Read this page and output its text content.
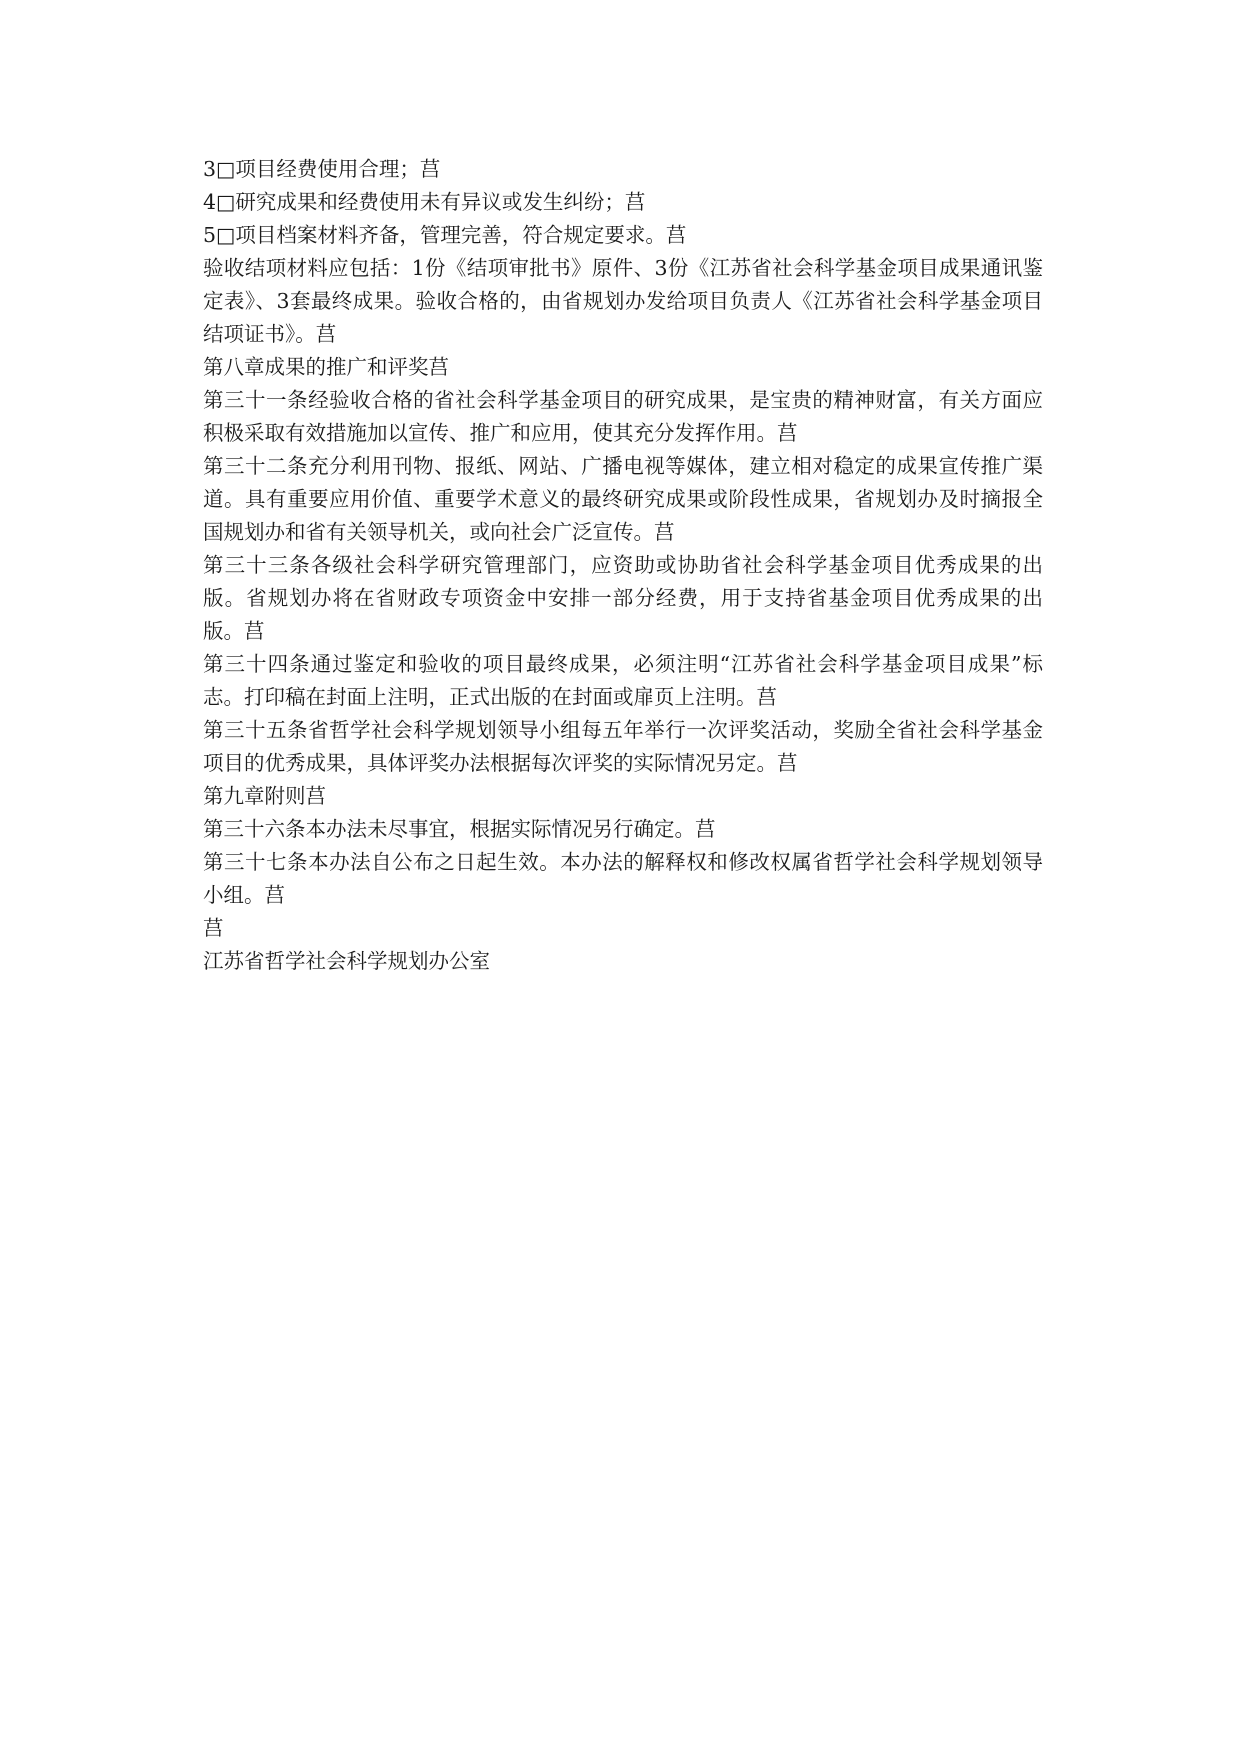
3□项目经费使用合理；莒

4□研究成果和经费使用未有异议或发生纠纷；莒

5□项目档案材料齐备，管理完善，符合规定要求。莒

验收结项材料应包括：1份《结项审批书》原件、3份《江苏省社会科学基金项目成果通讯鉴定表》、3套最终成果。验收合格的，由省规划办发给项目负责人《江苏省社会科学基金项目结项证书》。莒

第八章成果的推广和评奖莒

第三十一条经验收合格的省社会科学基金项目的研究成果，是宝贵的精神财富，有关方面应积极采取有效措施加以宣传、推广和应用，使其充分发挥作用。莒

第三十二条充分利用刊物、报纸、网站、广播电视等媒体，建立相对稳定的成果宣传推广渠道。具有重要应用价值、重要学术意义的最终研究成果或阶段性成果，省规划办及时摘报全国规划办和省有关领导机关，或向社会广泛宣传。莒

第三十三条各级社会科学研究管理部门，应资助或协助省社会科学基金项目优秀成果的出版。省规划办将在省财政专项资金中安排一部分经费，用于支持省基金项目优秀成果的出版。莒

第三十四条通过鉴定和验收的项目最终成果，必须注明“江苏省社会科学基金项目成果”标志。打印稿在封面上注明，正式出版的在封面或扉页上注明。莒

第三十五条省哲学社会科学规划领导小组每五年举行一次评奖活动，奖励全省社会科学基金项目的优秀成果，具体评奖办法根据每次评奖的实际情况另定。莒

第九章附则莒

第三十六条本办法未尽事宜，根据实际情况另行确定。莒

第三十七条本办法自公布之日起生效。本办法的解释权和修改权属省哲学社会科学规划领导小组。莒

莒

江苏省哲学社会科学规划办公室
